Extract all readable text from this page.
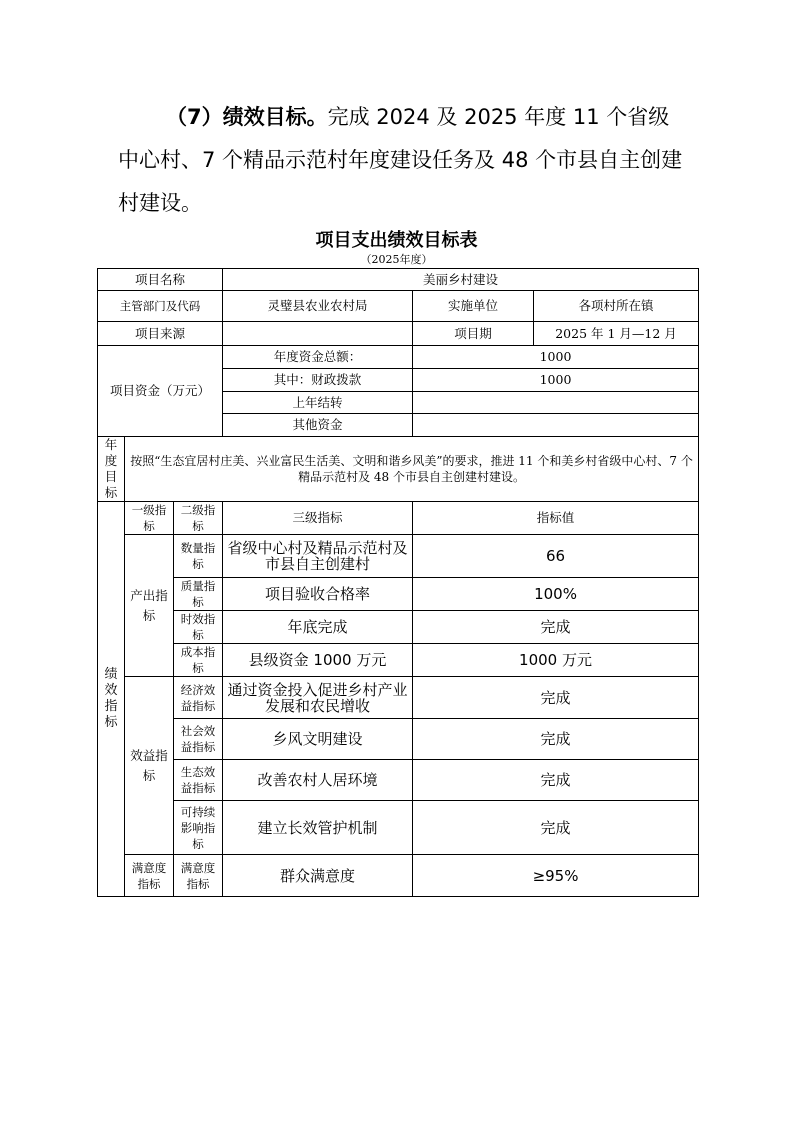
（7）绩效目标。完成 2024 及 2025 年度 11 个省级中心村、7 个精品示范村年度建设任务及 48 个市县自主创建村建设。

项目支出绩效目标表
（2025年度）
项目名称			美丽乡村建设		
主管部门及代码			灵璧县农业农村局	实施单位	各项村所在镇
项目来源				项目期	2025 年 1 月—12 月
项目资金（万元）			年度资金总额：	1000	
			其中：财政拨款	1000	
			上年结转		
			其他资金		
年度目标	按照“生态宜居村庄美、兴业富民生活美、文明和谐乡风美”的要求，推进 11 个和美乡村省级中心村、7 个精品示范村及 48 个市县自主创建村建设。				
绩效指标	一级指标	二级指标	三级指标	指标值	
	产出指标	数量指标	省级中心村及精品示范村及市县自主创建村	66	
		质量指标	项目验收合格率	100%	
		时效指标	年底完成	完成	
		成本指标	县级资金 1000 万元	1000 万元	
	效益指标	经济效益指标	通过资金投入促进乡村产业发展和农民增收	完成	
		社会效益指标	乡风文明建设	完成	
		生态效益指标	改善农村人居环境	完成	
		可持续影响指标	建立长效管护机制	完成	
	满意度指标	满意度指标	群众满意度	≥95%	
